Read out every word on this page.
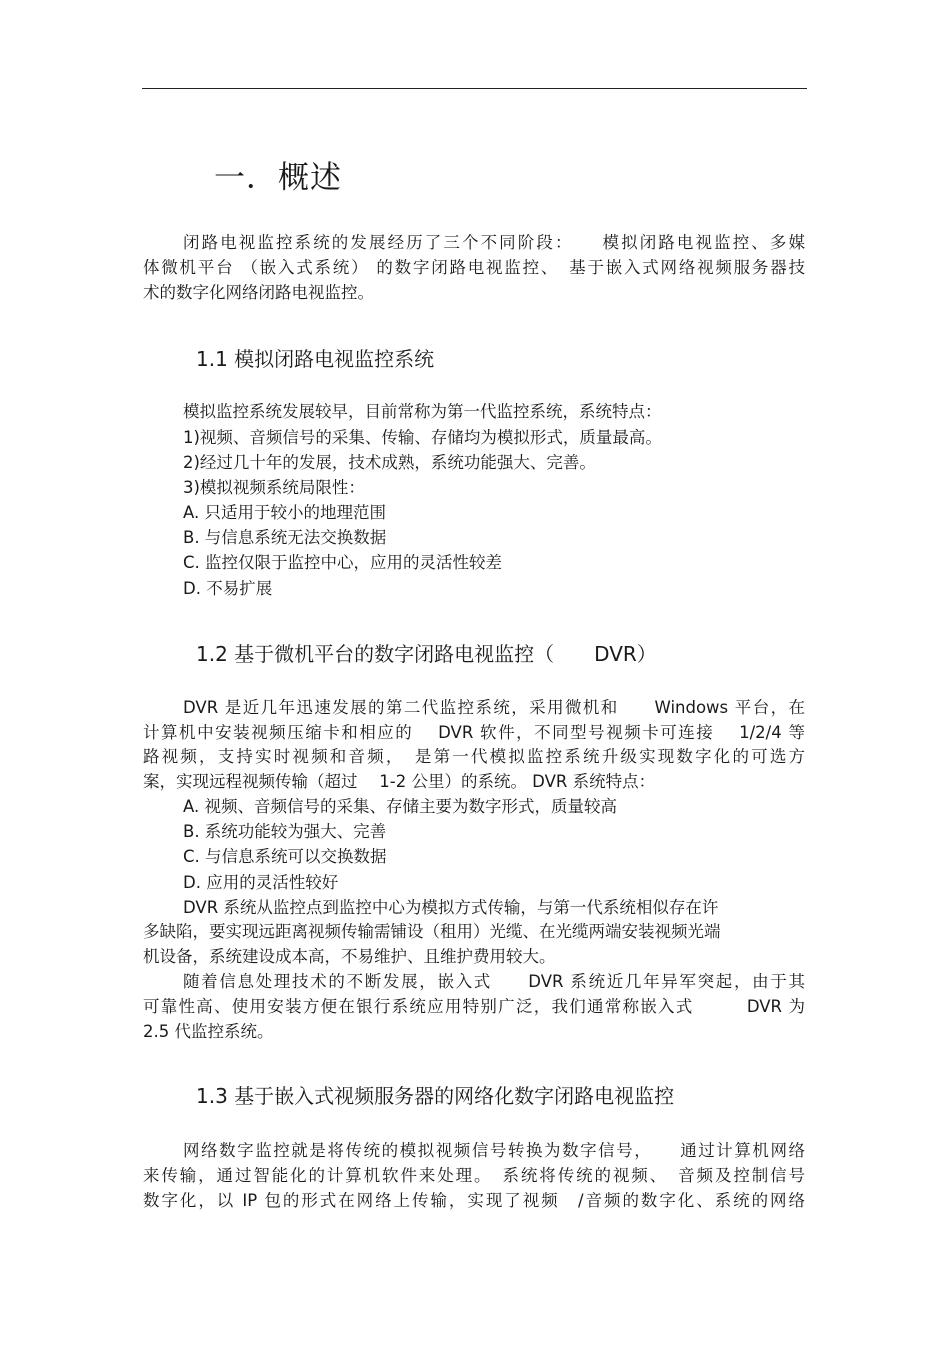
一．概述
闭路电视监控系统的发展经历了三个不同阶段：　　模拟闭路电视监控、多媒
体微机平台 （嵌入式系统） 的数字闭路电视监控、　基于嵌入式网络视频服务器技
术的数字化网络闭路电视监控。
1.1 模拟闭路电视监控系统
模拟监控系统发展较早，目前常称为第一代监控系统，系统特点：
1)视频、音频信号的采集、传输、存储均为模拟形式，质量最高。
2)经过几十年的发展，技术成熟，系统功能强大、完善。
3)模拟视频系统局限性：
A. 只适用于较小的地理范围
B. 与信息系统无法交换数据
C. 监控仅限于监控中心，应用的灵活性较差
D. 不易扩展
1.2 基于微机平台的数字闭路电视监控（　　DVR）
DVR 是近几年迅速发展的第二代监控系统，采用微机和　　Windows 平台，在
计算机中安装视频压缩卡和相应的　 DVR 软件，不同型号视频卡可连接　 1/2/4 等
路视频，支持实时视频和音频，　是第一代模拟监控系统升级实现数字化的可选方
案，实现远程视频传输（超过　 1-2 公里）的系统。 DVR 系统特点：
A. 视频、音频信号的采集、存储主要为数字形式，质量较高
B. 系统功能较为强大、完善
C. 与信息系统可以交换数据
D. 应用的灵活性较好
DVR 系统从监控点到监控中心为模拟方式传输，与第一代系统相似存在许
多缺陷，要实现远距离视频传输需铺设（租用）光缆、在光缆两端安装视频光端
机设备，系统建设成本高，不易维护、且维护费用较大。
随着信息处理技术的不断发展，嵌入式　　DVR 系统近几年异军突起，由于其
可靠性高、使用安装方便在银行系统应用特别广泛，我们通常称嵌入式　　　DVR 为
2.5 代监控系统。
1.3 基于嵌入式视频服务器的网络化数字闭路电视监控
网络数字监控就是将传统的模拟视频信号转换为数字信号，　　通过计算机网络
来传输，通过智能化的计算机软件来处理。　系统将传统的视频、　音频及控制信号
数字化，以 IP 包的形式在网络上传输，实现了视频　/音频的数字化、系统的网络
